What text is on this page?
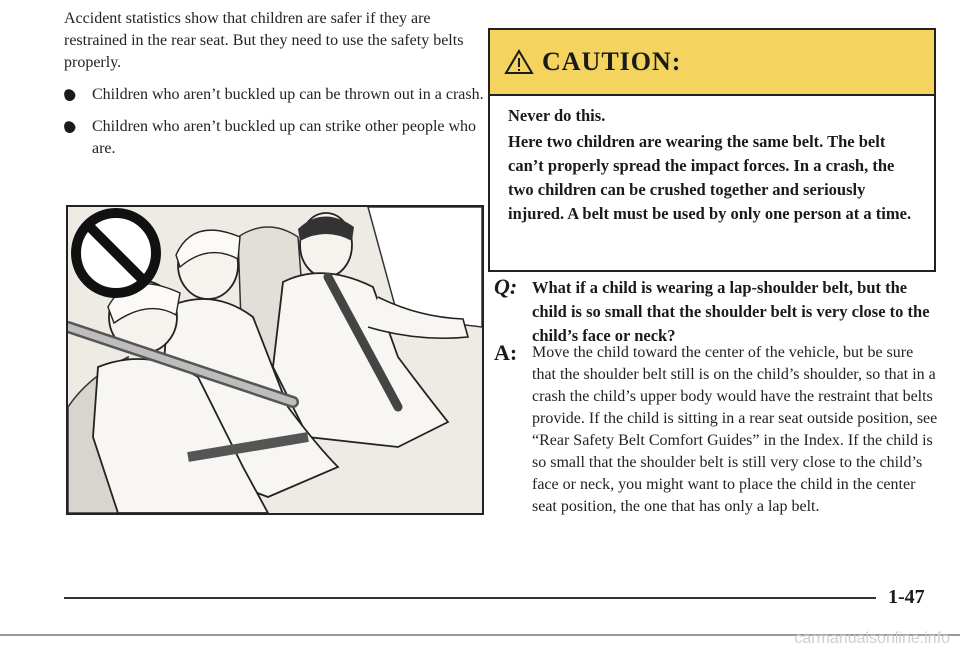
Accident statistics show that children are safer if they are restrained in the rear seat. But they need to use the safety belts properly.

Children who aren’t buckled up can be thrown out in a crash.
Children who aren’t buckled up can strike other people who are.
CAUTION:

Never do this.

Here two children are wearing the same belt. The belt can’t properly spread the impact forces. In a crash, the two children can be crushed together and seriously injured. A belt must be used by only one person at a time.

Q: What if a child is wearing a lap-shoulder belt, but the child is so small that the shoulder belt is very close to the child’s face or neck?
A: Move the child toward the center of the vehicle, but be sure that the shoulder belt still is on the child’s shoulder, so that in a crash the child’s upper body would have the restraint that belts provide. If the child is sitting in a rear seat outside position, see “Rear Safety Belt Comfort Guides” in the Index. If the child is so small that the shoulder belt is still very close to the child’s face or neck, you might want to place the child in the center seat position, the one that has only a lap belt.
1-47
carmanualsonline.info
